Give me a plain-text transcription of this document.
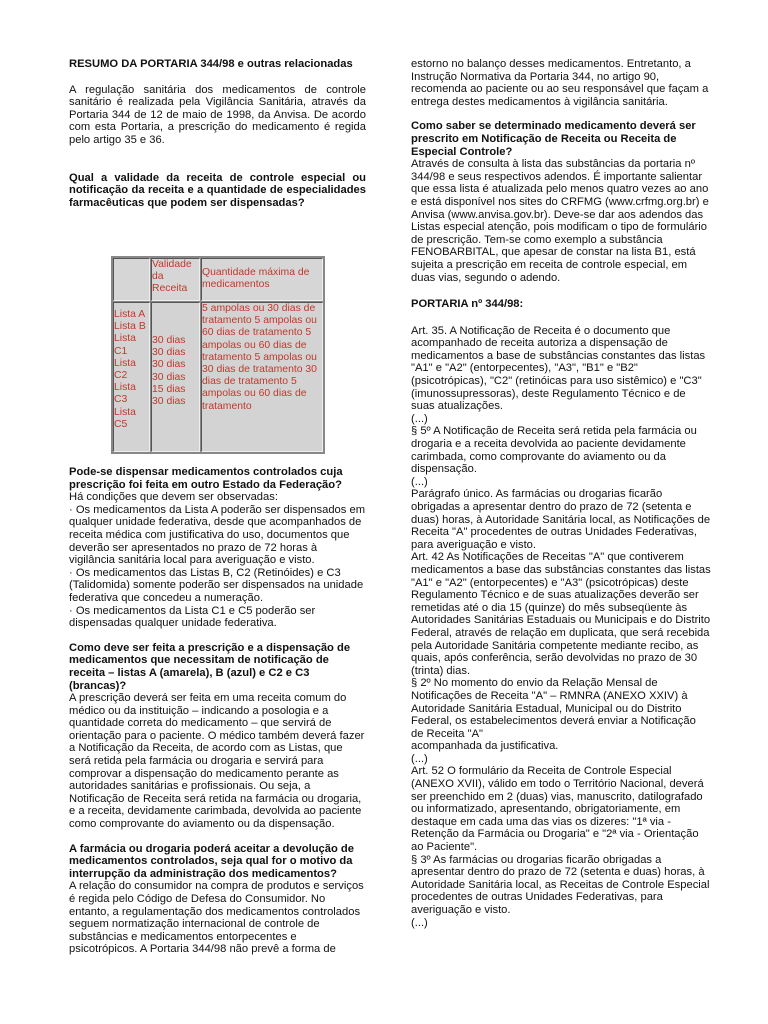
RESUMO DA PORTARIA 344/98 e outras relacionadas

A regulação sanitária dos medicamentos de controle sanitário é realizada pela Vigilância Sanitária, através da Portaria 344 de 12 de maio de 1998, da Anvisa. De acordo com esta Portaria, a prescrição do medicamento é regida pelo artigo 35 e 36.

Qual a validade da receita de controle especial ou notificação da receita e a quantidade de especialidades farmacêuticas que podem ser dispensadas?

Validade da Receita
Quantidade máxima de medicamentos
Lista A Lista B Lista C1 Lista C2 Lista C3 Lista C5
30 dias 30 dias 30 dias 30 dias 15 dias 30 dias
5 ampolas ou 30 dias de tratamento 5 ampolas ou 60 dias de tratamento 5 ampolas ou 60 dias de tratamento 5 ampolas ou 30 dias de tratamento 30 dias de tratamento 5 ampolas ou 60 dias de tratamento

Pode-se dispensar medicamentos controlados cuja prescrição foi feita em outro Estado da Federação?

Há condições que devem ser observadas:

· Os medicamentos da Lista A poderão ser dispensados em qualquer unidade federativa, desde que acompanhados de receita médica com justificativa do uso, documentos que deverão ser apresentados no prazo de 72 horas à vigilância sanitária local para averiguação e visto.

· Os medicamentos das Listas B, C2 (Retinóides) e C3 (Talidomida) somente poderão ser dispensados na unidade federativa que concedeu a numeração.

· Os medicamentos da Lista C1 e C5 poderão ser dispensadas qualquer unidade federativa.

Como deve ser feita a prescrição e a dispensação de medicamentos que necessitam de notificação de receita – listas A (amarela), B (azul) e C2 e C3 (brancas)?

A prescrição deverá ser feita em uma receita comum do médico ou da instituição – indicando a posologia e a quantidade correta do medicamento – que servirá de orientação para o paciente. O médico também deverá fazer a Notificação da Receita, de acordo com as Listas, que será retida pela farmácia ou drogaria e servirá para comprovar a dispensação do medicamento perante as autoridades sanitárias e profissionais. Ou seja, a Notificação de Receita será retida na farmácia ou drogaria, e a receita, devidamente carimbada, devolvida ao paciente como comprovante do aviamento ou da dispensação.

A farmácia ou drogaria poderá aceitar a devolução de medicamentos controlados, seja qual for o motivo da interrupção da administração dos medicamentos?

A relação do consumidor na compra de produtos e serviços é regida pelo Código de Defesa do Consumidor. No entanto, a regulamentação dos medicamentos controlados seguem normatização internacional de controle de substâncias e medicamentos entorpecentes e psicotrópicos. A Portaria 344/98 não prevê a forma de

estorno no balanço desses medicamentos. Entretanto, a Instrução Normativa da Portaria 344, no artigo 90, recomenda ao paciente ou ao seu responsável que façam a entrega destes medicamentos à vigilância sanitária.

Como saber se determinado medicamento deverá ser prescrito em Notificação de Receita ou Receita de Especial Controle?

Através de consulta à lista das substâncias da portaria nº 344/98 e seus respectivos adendos. É importante salientar que essa lista é atualizada pelo menos quatro vezes ao ano e está disponível nos sites do CRFMG (www.crfmg.org.br) e Anvisa (www.anvisa.gov.br). Deve-se dar aos adendos das Listas especial atenção, pois modificam o tipo de formulário de prescrição. Tem-se como exemplo a substância FENOBARBITAL, que apesar de constar na lista B1, está sujeita a prescrição em receita de controle especial, em duas vias, segundo o adendo.

PORTARIA nº 344/98:

Art. 35. A Notificação de Receita é o documento que acompanhado de receita autoriza a dispensação de medicamentos a base de substâncias constantes das listas "A1" e "A2" (entorpecentes), "A3", "B1" e "B2" (psicotrópicas), "C2" (retinóicas para uso sistêmico) e "C3" (imunossupressoras), deste Regulamento Técnico e de suas atualizações.

(...)

§ 5º A Notificação de Receita será retida pela farmácia ou drogaria e a receita devolvida ao paciente devidamente carimbada, como comprovante do aviamento ou da dispensação.

(...)

Parágrafo único. As farmácias ou drogarias ficarão obrigadas a apresentar dentro do prazo de 72 (setenta e duas) horas, à Autoridade Sanitária local, as Notificações de Receita "A" procedentes de outras Unidades Federativas, para averiguação e visto.

Art. 42 As Notificações de Receitas "A" que contiverem medicamentos a base das substâncias constantes das listas "A1" e "A2" (entorpecentes) e "A3" (psicotrópicas) deste Regulamento Técnico e de suas atualizações deverão ser remetidas até o dia 15 (quinze) do mês subseqüente às Autoridades Sanitárias Estaduais ou Municipais e do Distrito Federal, através de relação em duplicata, que será recebida pela Autoridade Sanitária competente mediante recibo, as quais, após conferência, serão devolvidas no prazo de 30 (trinta) dias.

§ 2º No momento do envio da Relação Mensal de Notificações de Receita "A" – RMNRA (ANEXO XXIV) à Autoridade Sanitária Estadual, Municipal ou do Distrito Federal, os estabelecimentos deverá enviar a Notificação de Receita "A"

acompanhada da justificativa.

(...)

Art. 52 O formulário da Receita de Controle Especial (ANEXO XVII), válido em todo o Território Nacional, deverá ser preenchido em 2 (duas) vias, manuscrito, datilografado ou informatizado, apresentando, obrigatoriamente, em destaque em cada uma das vias os dizeres: "1ª via - Retenção da Farmácia ou Drogaria" e "2ª via - Orientação ao Paciente".

§ 3º As farmácias ou drogarias ficarão obrigadas a apresentar dentro do prazo de 72 (setenta e duas) horas, à Autoridade Sanitária local, as Receitas de Controle Especial procedentes de outras Unidades Federativas, para averiguação e visto.

(...)
